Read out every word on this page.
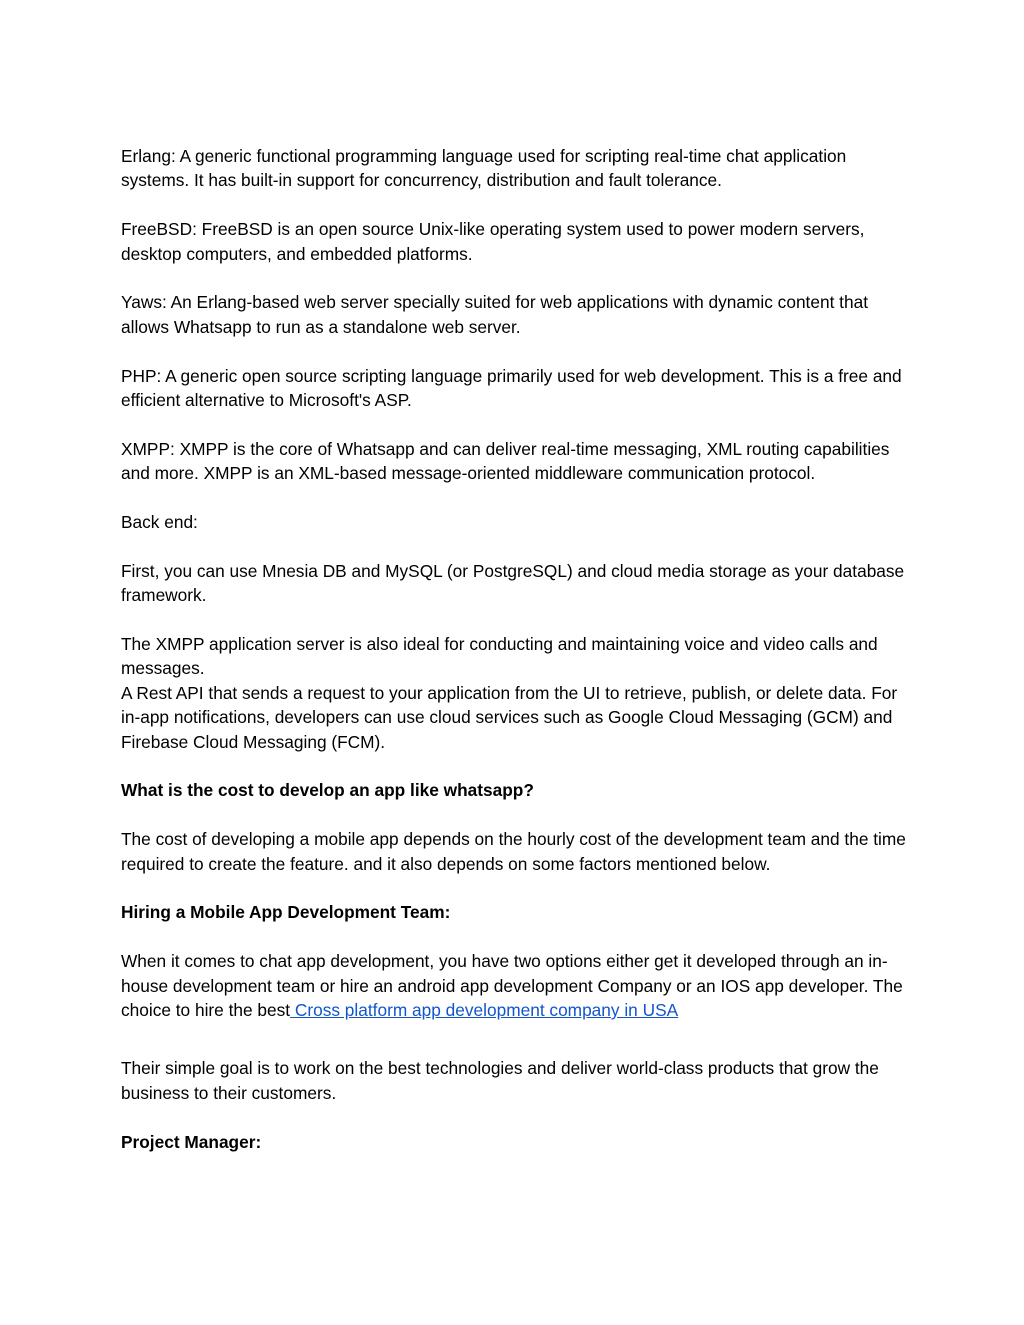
Erlang: A generic functional programming language used for scripting real-time chat application systems. It has built-in support for concurrency, distribution and fault tolerance.

FreeBSD: FreeBSD is an open source Unix-like operating system used to power modern servers, desktop computers, and embedded platforms.

Yaws: An Erlang-based web server specially suited for web applications with dynamic content that allows Whatsapp to run as a standalone web server.

PHP: A generic open source scripting language primarily used for web development. This is a free and efficient alternative to Microsoft's ASP.

XMPP: XMPP is the core of Whatsapp and can deliver real-time messaging, XML routing capabilities and more. XMPP is an XML-based message-oriented middleware communication protocol.

Back end:

First, you can use Mnesia DB and MySQL (or PostgreSQL) and cloud media storage as your database framework.

The XMPP application server is also ideal for conducting and maintaining voice and video calls and messages.

A Rest API that sends a request to your application from the UI to retrieve, publish, or delete data. For in-app notifications, developers can use cloud services such as Google Cloud Messaging (GCM) and Firebase Cloud Messaging (FCM).

What is the cost to develop an app like whatsapp?

The cost of developing a mobile app depends on the hourly cost of the development team and the time required to create the feature. and it also depends on some factors mentioned below.

Hiring a Mobile App Development Team:

When it comes to chat app development, you have two options either get it developed through an in-house development team or hire an android app development Company or an IOS app developer. The choice to hire the best Cross platform app development company in USA

Their simple goal is to work on the best technologies and deliver world-class products that grow the business to their customers.

Project Manager:
